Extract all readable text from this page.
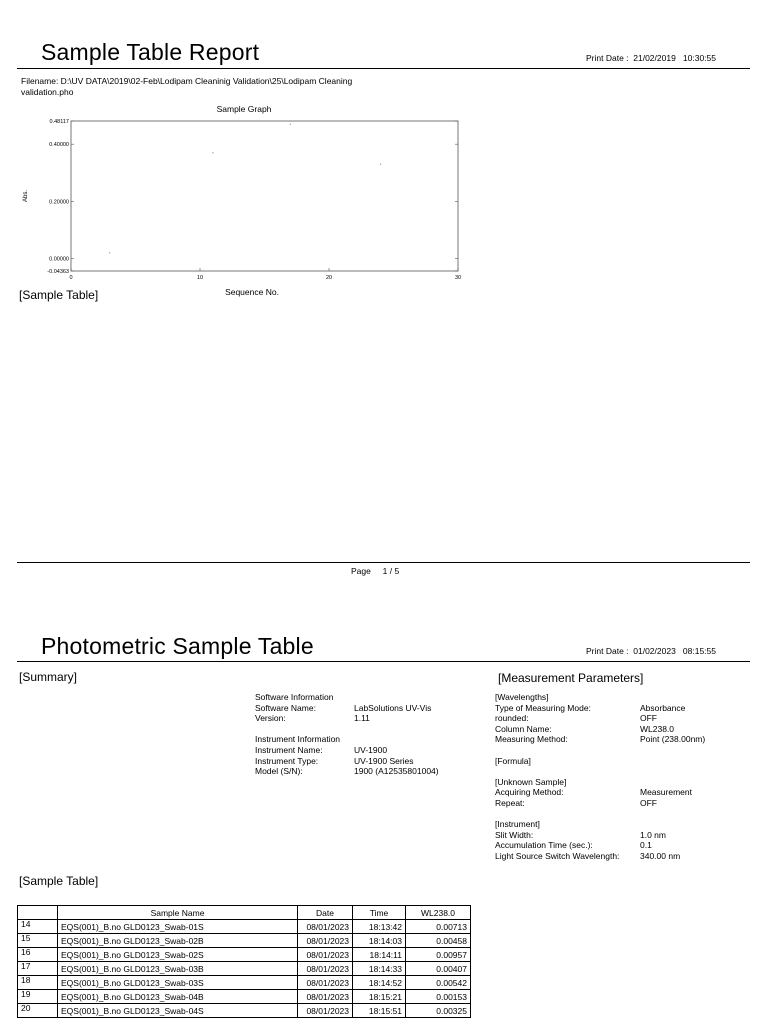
Sample Table Report	Print Date : 21/02/2019 10:30:55
Filename: D:\UV DATA\2019\02-Feb\Lodipam Cleaninig Validation\25\Lodipam Cleaning
validation.pho
Sample Graph
0.48117
0.40000
0.20000
0.00000
-0.04363
0	10	20	30
Abs.
Sequence No.
[Sample Table]
Page 1 / 5
Photometric Sample Table	Print Date : 01/02/2023 08:15:55
[Summary]	[Measurement Parameters]
Software Information
Software Name:	LabSolutions UV-Vis
Version:	1.11
Instrument Information
Instrument Name:	UV-1900
Instrument Type:	UV-1900 Series
Model (S/N):	1900 (A12535801004)
[Wavelengths]
Type of Measuring Mode:	Absorbance
rounded:	OFF
Column Name:	WL238.0
Measuring Method:	Point (238.00nm)
[Formula]
[Unknown Sample]
Acquiring Method:	Measurement
Repeat:	OFF
[Instrument]
Slit Width:	1.0 nm
Accumulation Time (sec.):	0.1
Light Source Switch Wavelength:	340.00 nm
[Sample Table]
	Sample Name	Date	Time	WL238.0
14	EQS(001)_B.no GLD0123_Swab-01S	08/01/2023	18:13:42	0.00713
15	EQS(001)_B.no GLD0123_Swab-02B	08/01/2023	18:14:03	0.00458
16	EQS(001)_B.no GLD0123_Swab-02S	08/01/2023	18:14:11	0.00957
17	EQS(001)_B.no GLD0123_Swab-03B	08/01/2023	18:14:33	0.00407
18	EQS(001)_B.no GLD0123_Swab-03S	08/01/2023	18:14:52	0.00542
19	EQS(001)_B.no GLD0123_Swab-04B	08/01/2023	18:15:21	0.00153
20	EQS(001)_B.no GLD0123_Swab-04S	08/01/2023	18:15:51	0.00325
